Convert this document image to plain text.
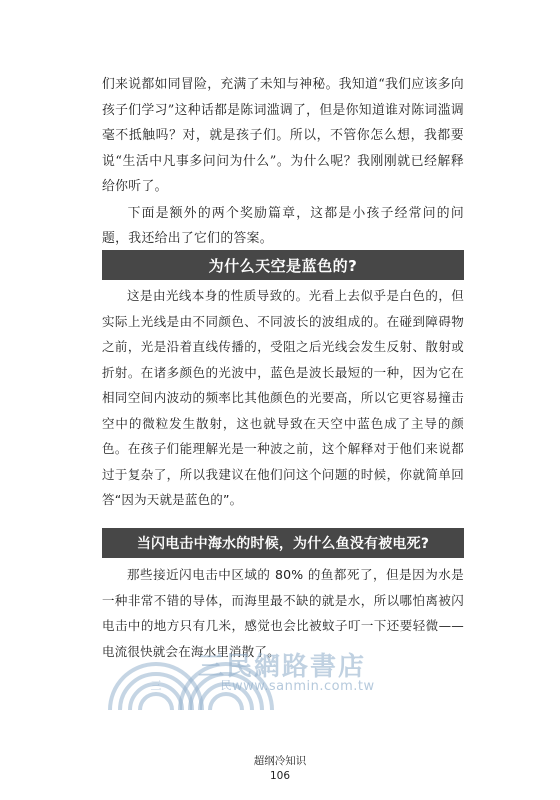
们来说都如同冒险，充满了未知与神秘。我知道“我们应该多向孩子们学习”这种话都是陈词滥调了，但是你知道谁对陈词滥调毫不抵触吗？对，就是孩子们。所以，不管你怎么想，我都要说“生活中凡事多问问为什么”。为什么呢？我刚刚就已经解释给你听了。

下面是额外的两个奖励篇章，这都是小孩子经常问的问题，我还给出了它们的答案。

为什么天空是蓝色的?

这是由光线本身的性质导致的。光看上去似乎是白色的，但实际上光线是由不同颜色、不同波长的波组成的。在碰到障碍物之前，光是沿着直线传播的，受阻之后光线会发生反射、散射或折射。在诸多颜色的光波中，蓝色是波长最短的一种，因为它在相同空间内波动的频率比其他颜色的光要高，所以它更容易撞击空中的微粒发生散射，这也就导致在天空中蓝色成了主导的颜色。在孩子们能理解光是一种波之前，这个解释对于他们来说都过于复杂了，所以我建议在他们问这个问题的时候，你就简单回答“因为天就是蓝色的”。

当闪电击中海水的时候，为什么鱼没有被电死?

那些接近闪电击中区域的 80% 的鱼都死了，但是因为水是一种非常不错的导体，而海里最不缺的就是水，所以哪怕离被闪电击中的地方只有几米，感觉也会比被蚊子叮一下还要轻微——电流很快就会在海水里消散了。

三	民
三民網路書店
www.sanmin.com.tw
超纲冷知识
106
